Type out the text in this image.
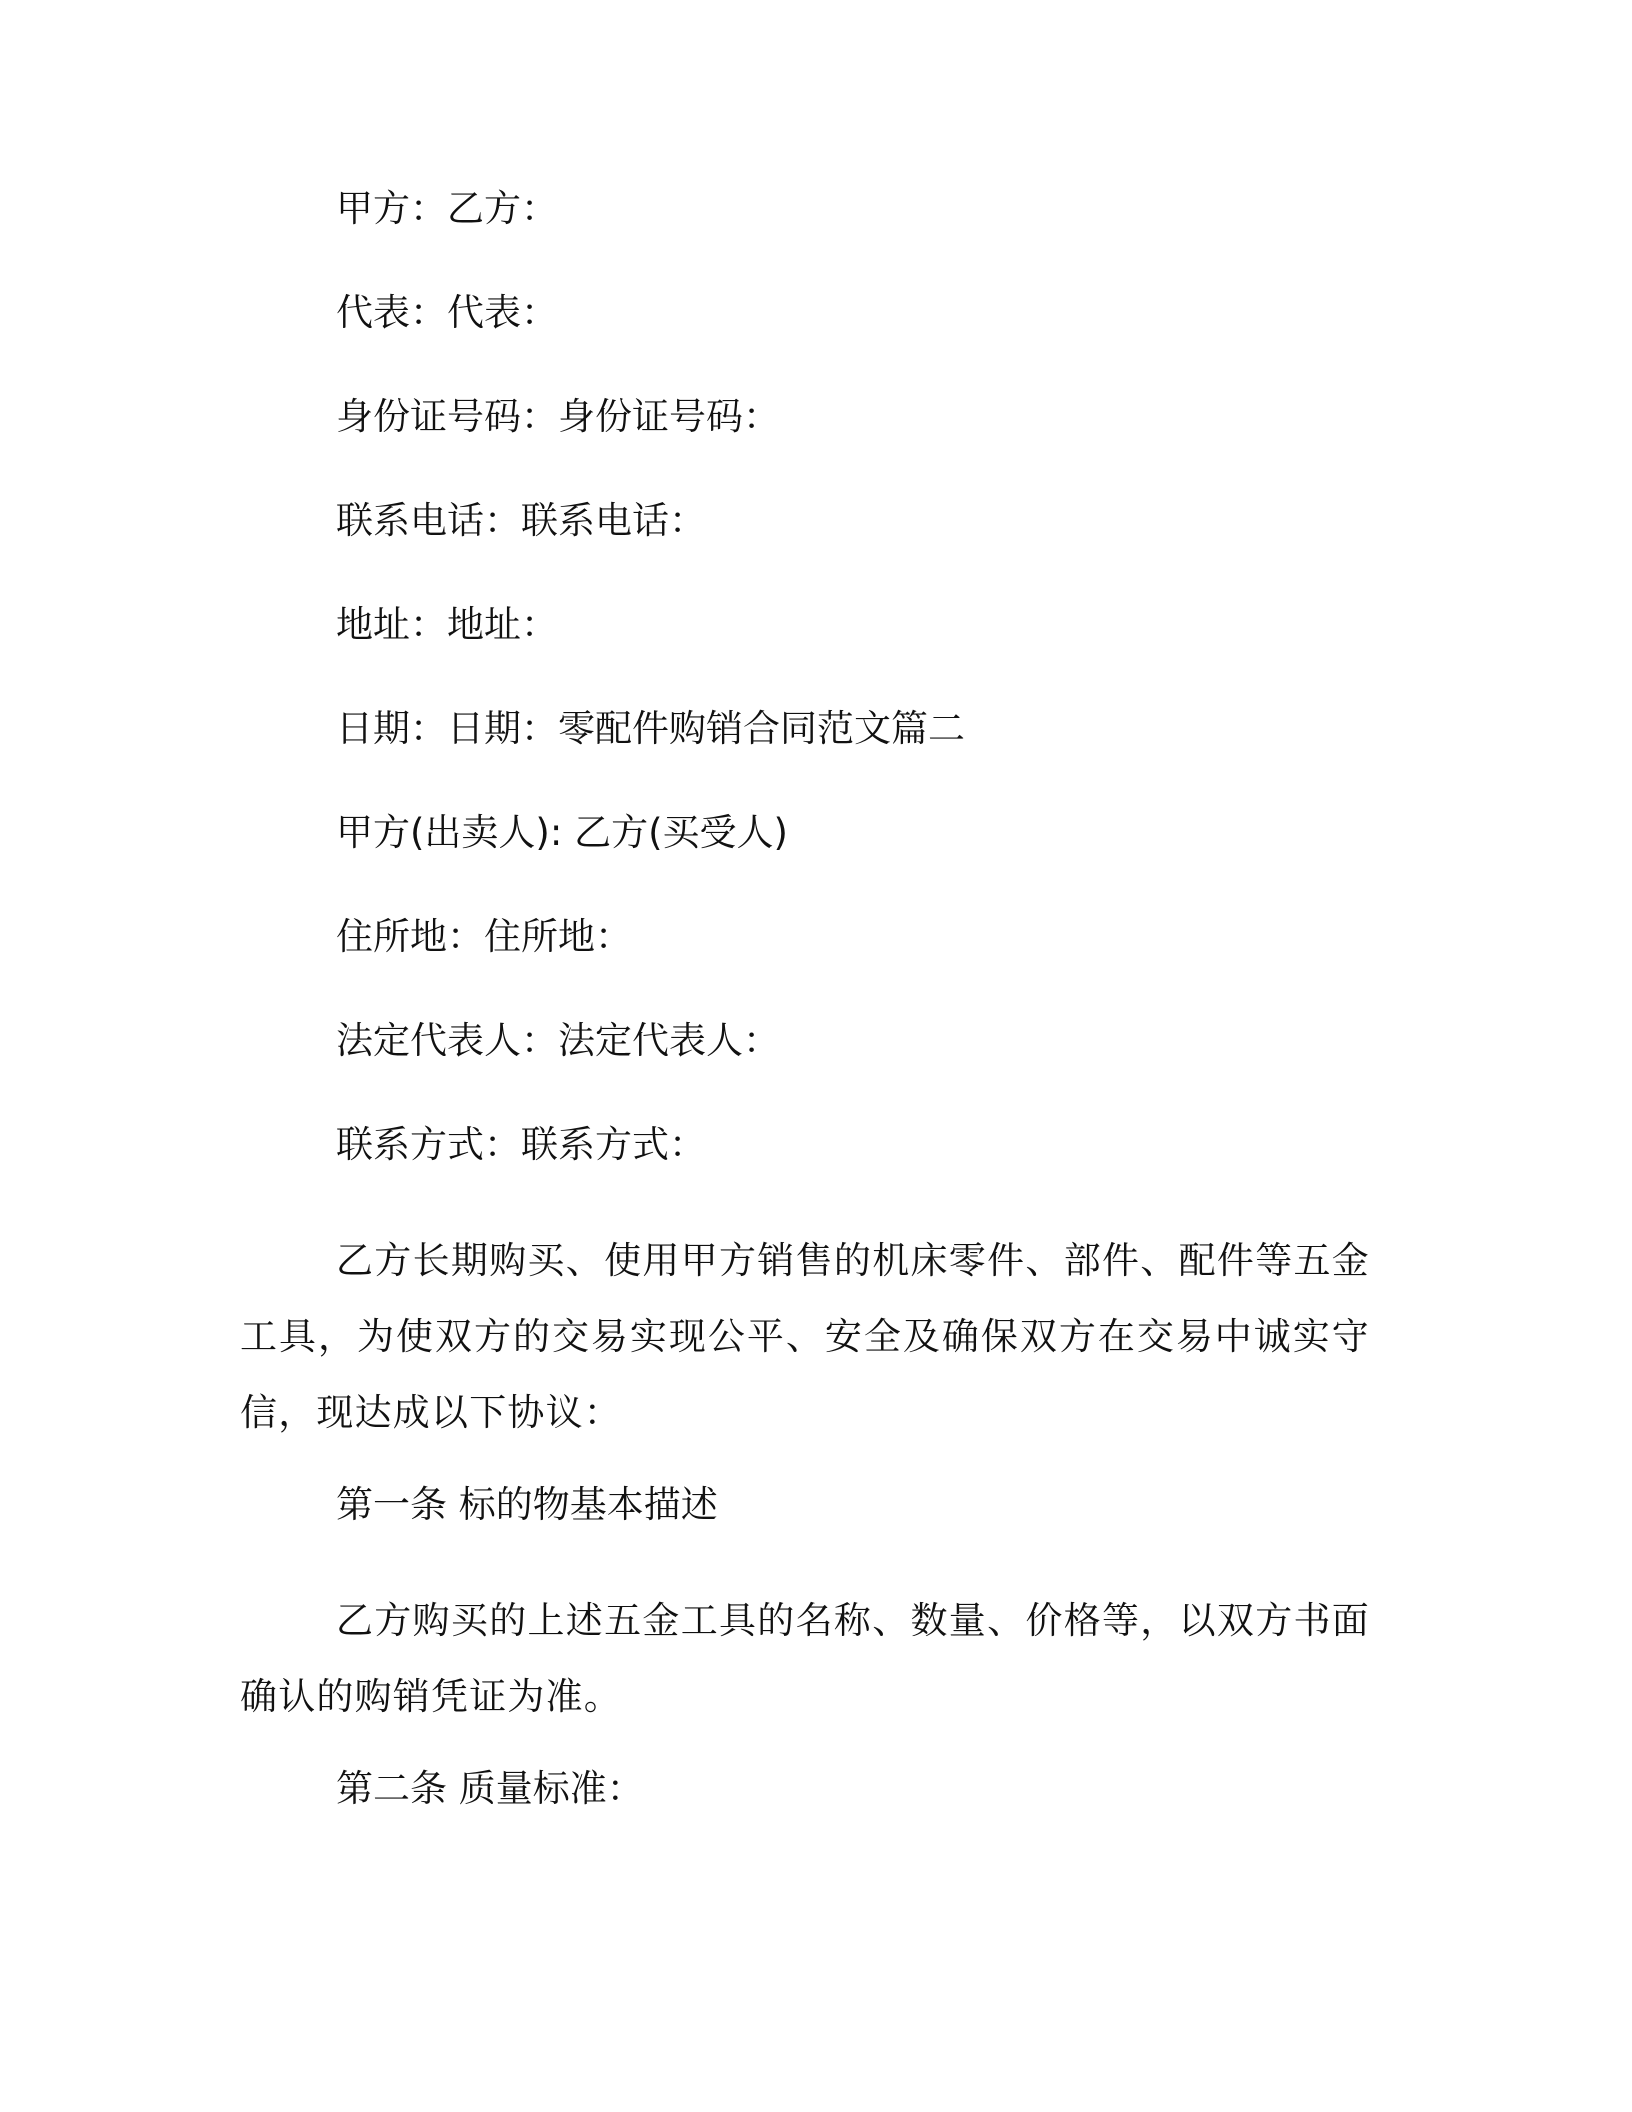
甲方：乙方：
代表：代表：
身份证号码：身份证号码：
联系电话：联系电话：
地址：地址：
日期：日期：零配件购销合同范文篇二
甲方(出卖人): 乙方(买受人)
住所地：住所地：
法定代表人：法定代表人：
联系方式：联系方式：

乙方长期购买、使用甲方销售的机床零件、部件、配件等五金工具，为使双方的交易实现公平、安全及确保双方在交易中诚实守信，现达成以下协议：

第一条 标的物基本描述

乙方购买的上述五金工具的名称、数量、价格等，以双方书面确认的购销凭证为准。

第二条 质量标准：
